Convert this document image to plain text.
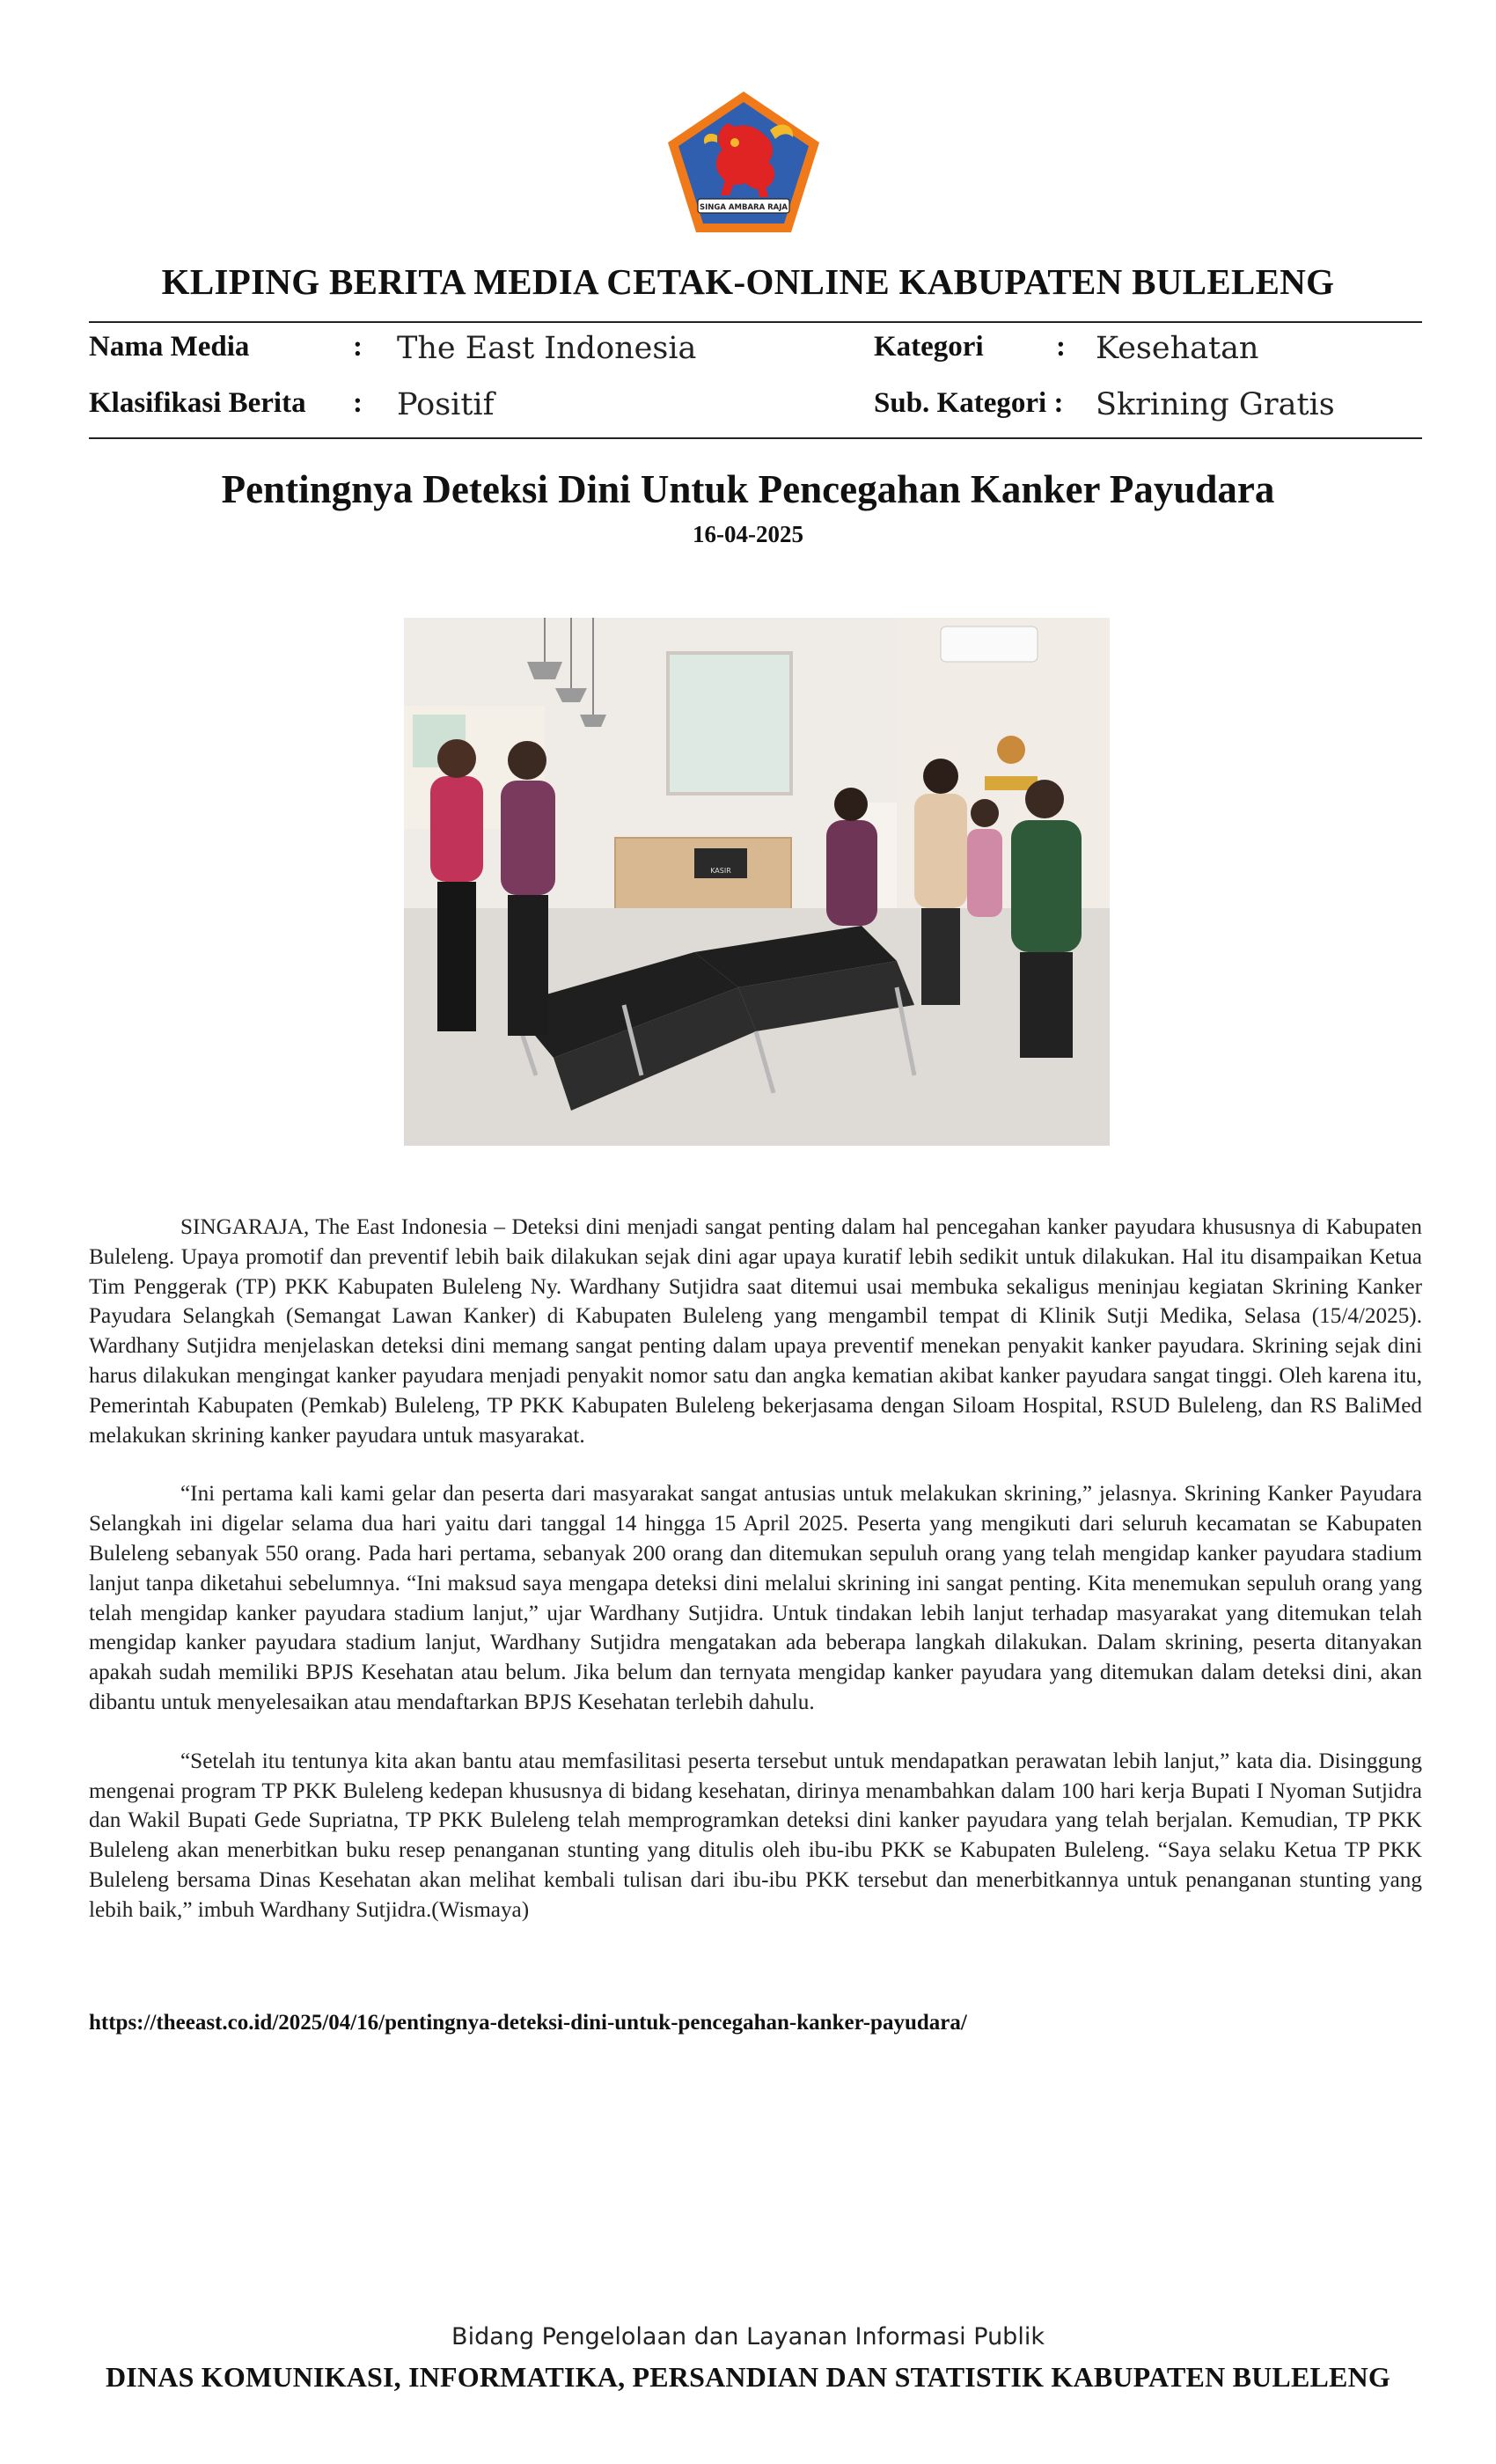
SINGA AMBARA RAJA
KLIPING BERITA MEDIA CETAK-ONLINE KABUPATEN BULELENG
Nama Media	: The East Indonesia
Klasifikasi Berita : Positif
Kategori : Kesehatan
Sub. Kategori : Skrining Gratis
Pentingnya Deteksi Dini Untuk Pencegahan Kanker Payudara
16-04-2025
KASIR

SINGARAJA, The East Indonesia – Deteksi dini menjadi sangat penting dalam hal pencegahan kanker payudara khususnya di Kabupaten Buleleng. Upaya promotif dan preventif lebih baik dilakukan sejak dini agar upaya kuratif lebih sedikit untuk dilakukan. Hal itu disampaikan Ketua Tim Penggerak (TP) PKK Kabupaten Buleleng Ny. Wardhany Sutjidra saat ditemui usai membuka sekaligus meninjau kegiatan Skrining Kanker Payudara Selangkah (Semangat Lawan Kanker) di Kabupaten Buleleng yang mengambil tempat di Klinik Sutji Medika, Selasa (15/4/2025). Wardhany Sutjidra menjelaskan deteksi dini memang sangat penting dalam upaya preventif menekan penyakit kanker payudara. Skrining sejak dini harus dilakukan mengingat kanker payudara menjadi penyakit nomor satu dan angka kematian akibat kanker payudara sangat tinggi. Oleh karena itu, Pemerintah Kabupaten (Pemkab) Buleleng, TP PKK Kabupaten Buleleng bekerjasama dengan Siloam Hospital, RSUD Buleleng, dan RS BaliMed melakukan skrining kanker payudara untuk masyarakat.

“Ini pertama kali kami gelar dan peserta dari masyarakat sangat antusias untuk melakukan skrining,” jelasnya. Skrining Kanker Payudara Selangkah ini digelar selama dua hari yaitu dari tanggal 14 hingga 15 April 2025. Peserta yang mengikuti dari seluruh kecamatan se Kabupaten Buleleng sebanyak 550 orang. Pada hari pertama, sebanyak 200 orang dan ditemukan sepuluh orang yang telah mengidap kanker payudara stadium lanjut tanpa diketahui sebelumnya. “Ini maksud saya mengapa deteksi dini melalui skrining ini sangat penting. Kita menemukan sepuluh orang yang telah mengidap kanker payudara stadium lanjut,” ujar Wardhany Sutjidra. Untuk tindakan lebih lanjut terhadap masyarakat yang ditemukan telah mengidap kanker payudara stadium lanjut, Wardhany Sutjidra mengatakan ada beberapa langkah dilakukan. Dalam skrining, peserta ditanyakan apakah sudah memiliki BPJS Kesehatan atau belum. Jika belum dan ternyata mengidap kanker payudara yang ditemukan dalam deteksi dini, akan dibantu untuk menyelesaikan atau mendaftarkan BPJS Kesehatan terlebih dahulu.

“Setelah itu tentunya kita akan bantu atau memfasilitasi peserta tersebut untuk mendapatkan perawatan lebih lanjut,” kata dia. Disinggung mengenai program TP PKK Buleleng kedepan khususnya di bidang kesehatan, dirinya menambahkan dalam 100 hari kerja Bupati I Nyoman Sutjidra dan Wakil Bupati Gede Supriatna, TP PKK Buleleng telah memprogramkan deteksi dini kanker payudara yang telah berjalan. Kemudian, TP PKK Buleleng akan menerbitkan buku resep penanganan stunting yang ditulis oleh ibu-ibu PKK se Kabupaten Buleleng. “Saya selaku Ketua TP PKK Buleleng bersama Dinas Kesehatan akan melihat kembali tulisan dari ibu-ibu PKK tersebut dan menerbitkannya untuk penanganan stunting yang lebih baik,” imbuh Wardhany Sutjidra.(Wismaya)

https://theeast.co.id/2025/04/16/pentingnya-deteksi-dini-untuk-pencegahan-kanker-payudara/
Bidang Pengelolaan dan Layanan Informasi Publik
DINAS KOMUNIKASI, INFORMATIKA, PERSANDIAN DAN STATISTIK KABUPATEN BULELENG
